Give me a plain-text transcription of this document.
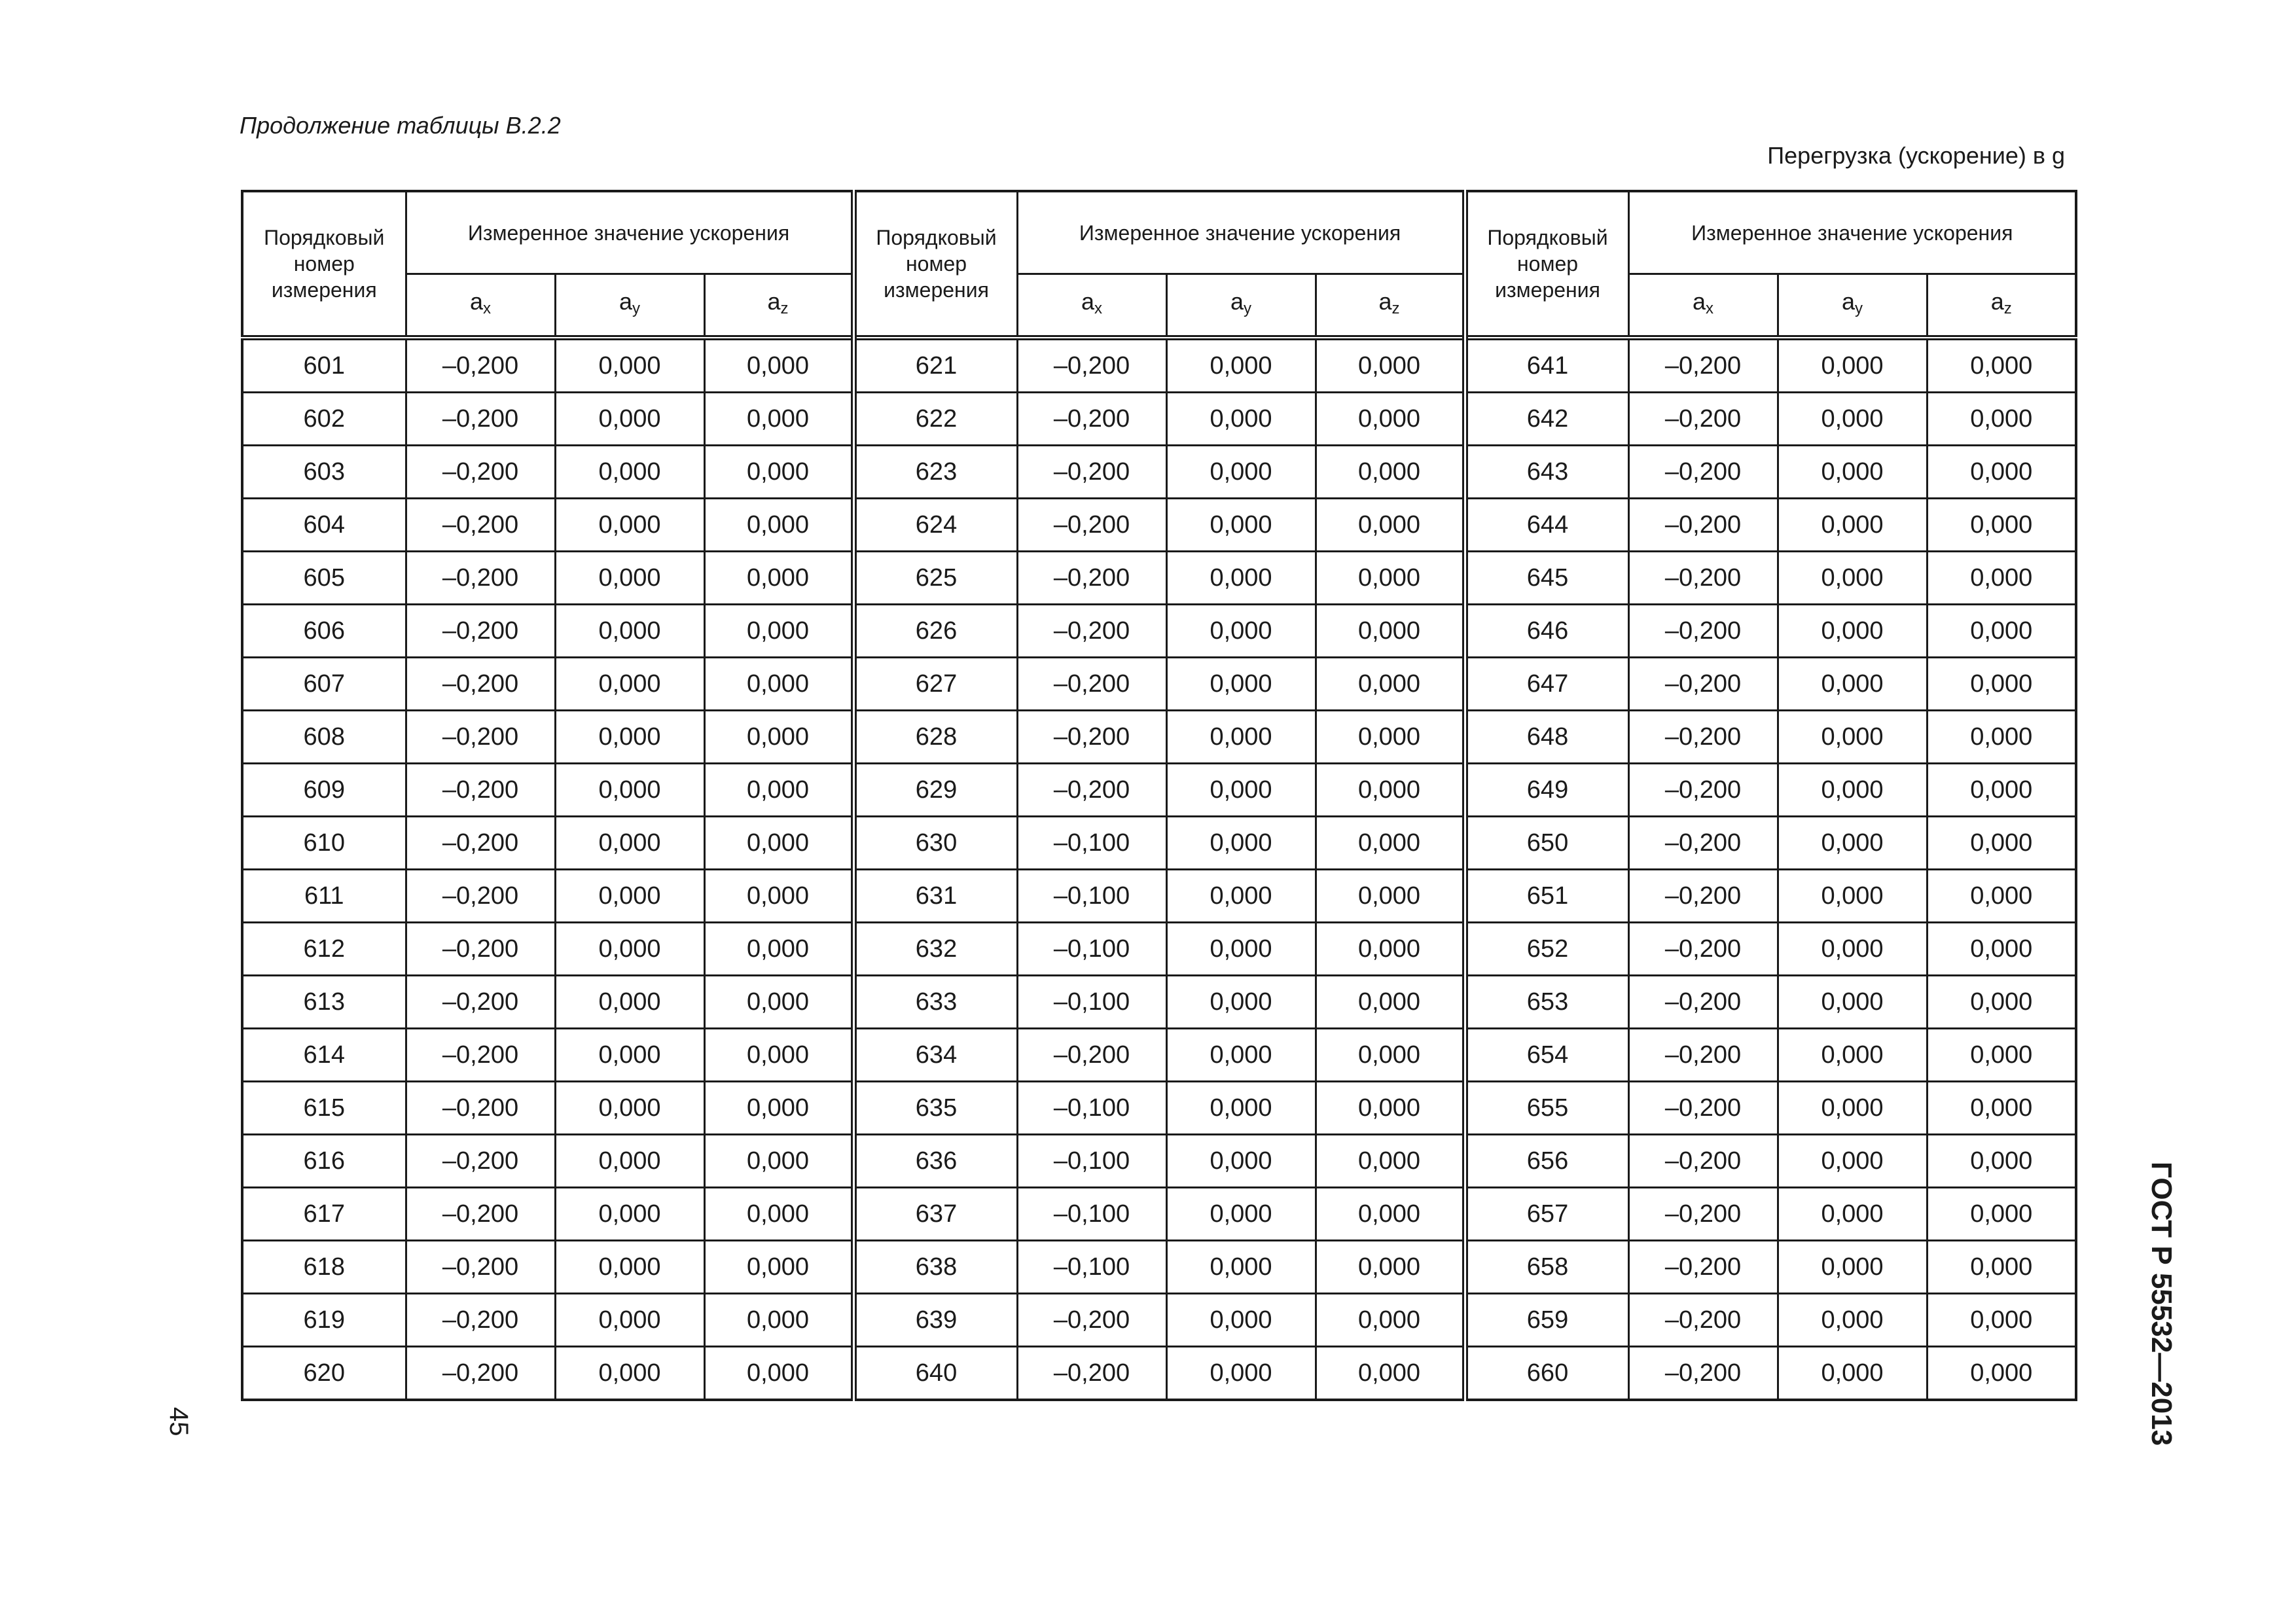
Продолжение таблицы В.2.2
Перегрузка (ускорение) в g
Порядковый номер измерения	Измеренное значение ускорения			Порядковый номер измерения	Измеренное значение ускорения			Порядковый номер измерения	Измеренное значение ускорения		
	$a_x$	$a_y$	$a_z$		$a_x$	$a_y$	$a_z$		$a_x$	$a_y$	$a_z$
601	–0,200	0,000	0,000	621	–0,200	0,000	0,000	641	–0,200	0,000	0,000
602	–0,200	0,000	0,000	622	–0,200	0,000	0,000	642	–0,200	0,000	0,000
603	–0,200	0,000	0,000	623	–0,200	0,000	0,000	643	–0,200	0,000	0,000
604	–0,200	0,000	0,000	624	–0,200	0,000	0,000	644	–0,200	0,000	0,000
605	–0,200	0,000	0,000	625	–0,200	0,000	0,000	645	–0,200	0,000	0,000
606	–0,200	0,000	0,000	626	–0,200	0,000	0,000	646	–0,200	0,000	0,000
607	–0,200	0,000	0,000	627	–0,200	0,000	0,000	647	–0,200	0,000	0,000
608	–0,200	0,000	0,000	628	–0,200	0,000	0,000	648	–0,200	0,000	0,000
609	–0,200	0,000	0,000	629	–0,200	0,000	0,000	649	–0,200	0,000	0,000
610	–0,200	0,000	0,000	630	–0,100	0,000	0,000	650	–0,200	0,000	0,000
611	–0,200	0,000	0,000	631	–0,100	0,000	0,000	651	–0,200	0,000	0,000
612	–0,200	0,000	0,000	632	–0,100	0,000	0,000	652	–0,200	0,000	0,000
613	–0,200	0,000	0,000	633	–0,100	0,000	0,000	653	–0,200	0,000	0,000
614	–0,200	0,000	0,000	634	–0,200	0,000	0,000	654	–0,200	0,000	0,000
615	–0,200	0,000	0,000	635	–0,100	0,000	0,000	655	–0,200	0,000	0,000
616	–0,200	0,000	0,000	636	–0,100	0,000	0,000	656	–0,200	0,000	0,000
617	–0,200	0,000	0,000	637	–0,100	0,000	0,000	657	–0,200	0,000	0,000
618	–0,200	0,000	0,000	638	–0,100	0,000	0,000	658	–0,200	0,000	0,000
619	–0,200	0,000	0,000	639	–0,200	0,000	0,000	659	–0,200	0,000	0,000
620	–0,200	0,000	0,000	640	–0,200	0,000	0,000	660	–0,200	0,000	0,000
45	ГОСТ Р 55532—2013
